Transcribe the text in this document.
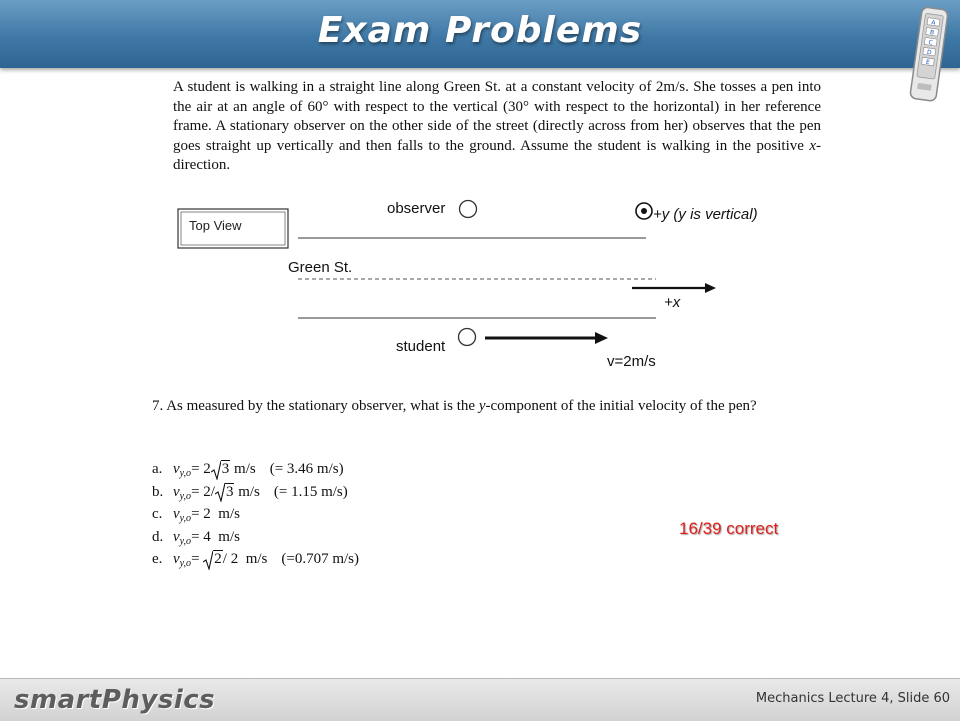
Exam Problems	A
B
C
D
E
A student is walking in a straight line along Green St. at a constant velocity of 2m/s. She tosses a pen into the air at an angle of 60° with respect to the vertical (30° with respect to the horizontal) in her reference frame. A stationary observer on the other side of the street (directly across from her) observes that the pen goes straight up vertically and then falls to the ground. Assume the student is walking in the positive x-direction.
Top View
observer	+y (y is vertical)
Green St.
+x
student
v=2m/s
7. As measured by the stationary observer, what is the y-component of the initial velocity of the pen?
a. $v_{y,o}= 2$ 3 m/s (= 3.46 m/s)
b. $v_{y,o}= 2/$ 3 m/s (= 1.15 m/s)
c. $v_{y,o}= 2$  m/s
d. $v_{y,o}= 4$  m/s
e. $v_{y,o}= 2/$ 2  m/s (=0.707 m/s)
16/39 correct
smartPhysics	Mechanics Lecture 4, Slide 60
